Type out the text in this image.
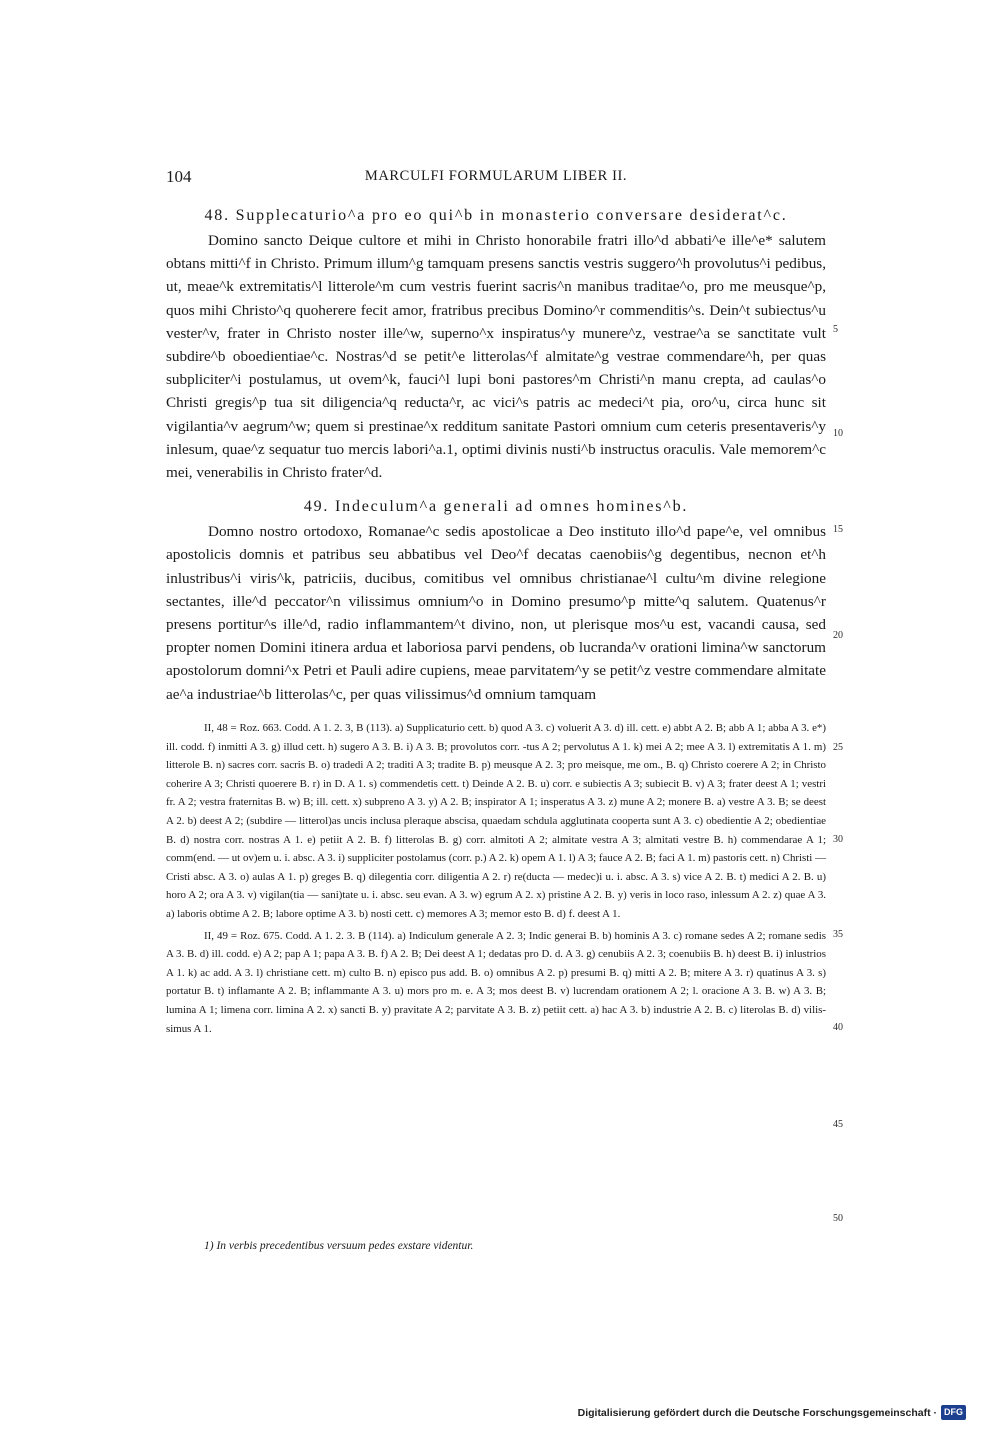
104	MARCULFI FORMULARUM LIBER II.

48. Supplecaturio^a pro eo qui^b in monasterio conversare desiderat^c.

Domino sancto Deique cultore et mihi in Christo honorabile fratri illo^d abbati^e ille^e* salutem obtans mitti^f in Christo. Primum illum^g tamquam presens sanctis vestris suggero^h provolutus^i pedibus, ut, meae^k extremitatis^l litterole^m cum vestris fuerint sacris^n manibus traditae^o, pro me meusque^p, quos mihi Christo^q quoherere fecit amor, fratribus precibus Domino^r commenditis^s. Dein^t subiectus^u vester^v, frater in Christo noster ille^w, superno^x inspiratus^y munere^z, vestrae^a se sanctitate vult subdire^b oboedientiae^c. Nostras^d se petit^e litterolas^f almitate^g vestrae commendare^h, per quas subpliciter^i postulamus, ut ovem^k, fauci^l lupi boni pastores^m Christi^n manu crepta, ad caulas^o Christi gregis^p tua sit diligencia^q reducta^r, ac vici^s patris ac medeci^t pia, oro^u, circa hunc sit vigilantia^v aegrum^w; quem si prestinae^x redditum sanitate Pastori omnium cum ceteris presentaveris^y inlesum, quae^z sequatur tuo mercis labori^a.1, optimi divinis nusti^b instructus oraculis. Vale memorem^c mei, venerabilis in Christo frater^d.

49. Indeculum^a generali ad omnes homines^b.

Domno nostro ortodoxo, Romanae^c sedis apostolicae a Deo instituto illo^d pape^e, vel omnibus apostolicis domnis et patribus seu abbatibus vel Deo^f decatas caenobiis^g degentibus, necnon et^h inlustribus^i viris^k, patriciis, ducibus, comitibus vel omnibus christianae^l cultu^m divine relegione sectantes, ille^d peccator^n vilissimus omnium^o in Domino presumo^p mitte^q salutem. Quatenus^r presens portitur^s ille^d, radio inflammantem^t divino, non, ut plerisque mos^u est, vacandi causa, sed propter nomen Domini itinera ardua et laboriosa parvi pendens, ob lucranda^v orationi limina^w sanctorum apostolorum domni^x Petri et Pauli adire cupiens, meae parvitatem^y se petit^z vestre commendare almitate ae^a industriae^b litterolas^c, per quas vilissimus^d omnium tamquam

5
10
15
20

II, 48 = Roz. 663. Codd. A 1. 2. 3, B (113). a) Supplicaturio cett. b) quod A 3. c) voluerit A 3. d) ill. cett. e) abbt A 2. B; abb A 1; abba A 3. e*) ill. codd. f) inmitti A 3. g) illud cett. h) sugero A 3. B. i) A 3. B; provolutos corr. -tus A 2; pervolutus A 1. k) mei A 2; mee A 3. l) extremitatis A 1. m) litterole B. n) sacres corr. sacris B. o) tradedi A 2; traditi A 3; tradite B. p) meusque A 2. 3; pro meisque, me om., B. q) Christo coerere A 2; in Christo coherire A 3; Christi quoerere B. r) in D. A 1. s) commendetis cett. t) Deinde A 2. B. u) corr. e subiectis A 3; subiecit B. v) A 3; frater deest A 1; vestri fr. A 2; vestra fraternitas B. w) B; ill. cett. x) subpreno A 3. y) A 2. B; inspirator A 1; insperatus A 3. z) mune A 2; monere B. a) vestre A 3. B; se deest A 2. b) deest A 2; (subdire — litterol)as uncis inclusa pleraque abscisa, quaedam schdula agglutinata cooperta sunt A 3. c) obedientie A 2; obedientiae B. d) nostra corr. nostras A 1. e) petiit A 2. B. f) litterolas B. g) corr. almitoti A 2; almitate vestra A 3; almitati vestre B. h) commendarae A 1; comm(end. — ut ov)em u. i. absc. A 3. i) suppliciter postolamus (corr. p.) A 2. k) opem A 1. l) A 3; fauce A 2. B; faci A 1. m) pastoris cett. n) Christi — Cristi absc. A 3. o) aulas A 1. p) greges B. q) dilegentia corr. diligentia A 2. r) re(ducta — medec)i u. i. absc. A 3. s) vice A 2. B. t) medici A 2. B. u) horo A 2; ora A 3. v) vigilan(tia — sani)tate u. i. absc. seu evan. A 3. w) egrum A 2. x) pristine A 2. B. y) veris in loco raso, inlessum A 2. z) quae A 3. a) laboris obtime A 2. B; labore optime A 3. b) nosti cett. c) memores A 3; memor esto B. d) f. deest A 1.

II, 49 = Roz. 675. Codd. A 1. 2. 3. B (114). a) Indiculum generale A 2. 3; Indic generai B. b) hominis A 3. c) romane sedes A 2; romane sedis A 3. B. d) ill. codd. e) A 2; pap A 1; papa A 3. B. f) A 2. B; Dei deest A 1; dedatas pro D. d. A 3. g) cenubiis A 2. 3; coenubiis B. h) deest B. i) inlustrios A 1. k) ac add. A 3. l) christiane cett. m) culto B. n) episco pus add. B. o) omnibus A 2. p) presumi B. q) mitti A 2. B; mitere A 3. r) quatinus A 3. s) portatur B. t) inflamante A 2. B; inflammante A 3. u) mors pro m. e. A 3; mos deest B. v) lucrendam orationem A 2; l. oracione A 3. B. w) A 3. B; lumina A 1; limena corr. limina A 2. x) sancti B. y) pravitate A 2; parvitate A 3. B. z) petiit cett. a) hac A 3. b) industrie A 2. B. c) literolas B. d) vilis-simus A 1.

25
30
35
40
45
50
1) In verbis precedentibus versuum pedes exstare videntur.
Digitalisierung gefördert durch die Deutsche Forschungsgemeinschaft · DFG
